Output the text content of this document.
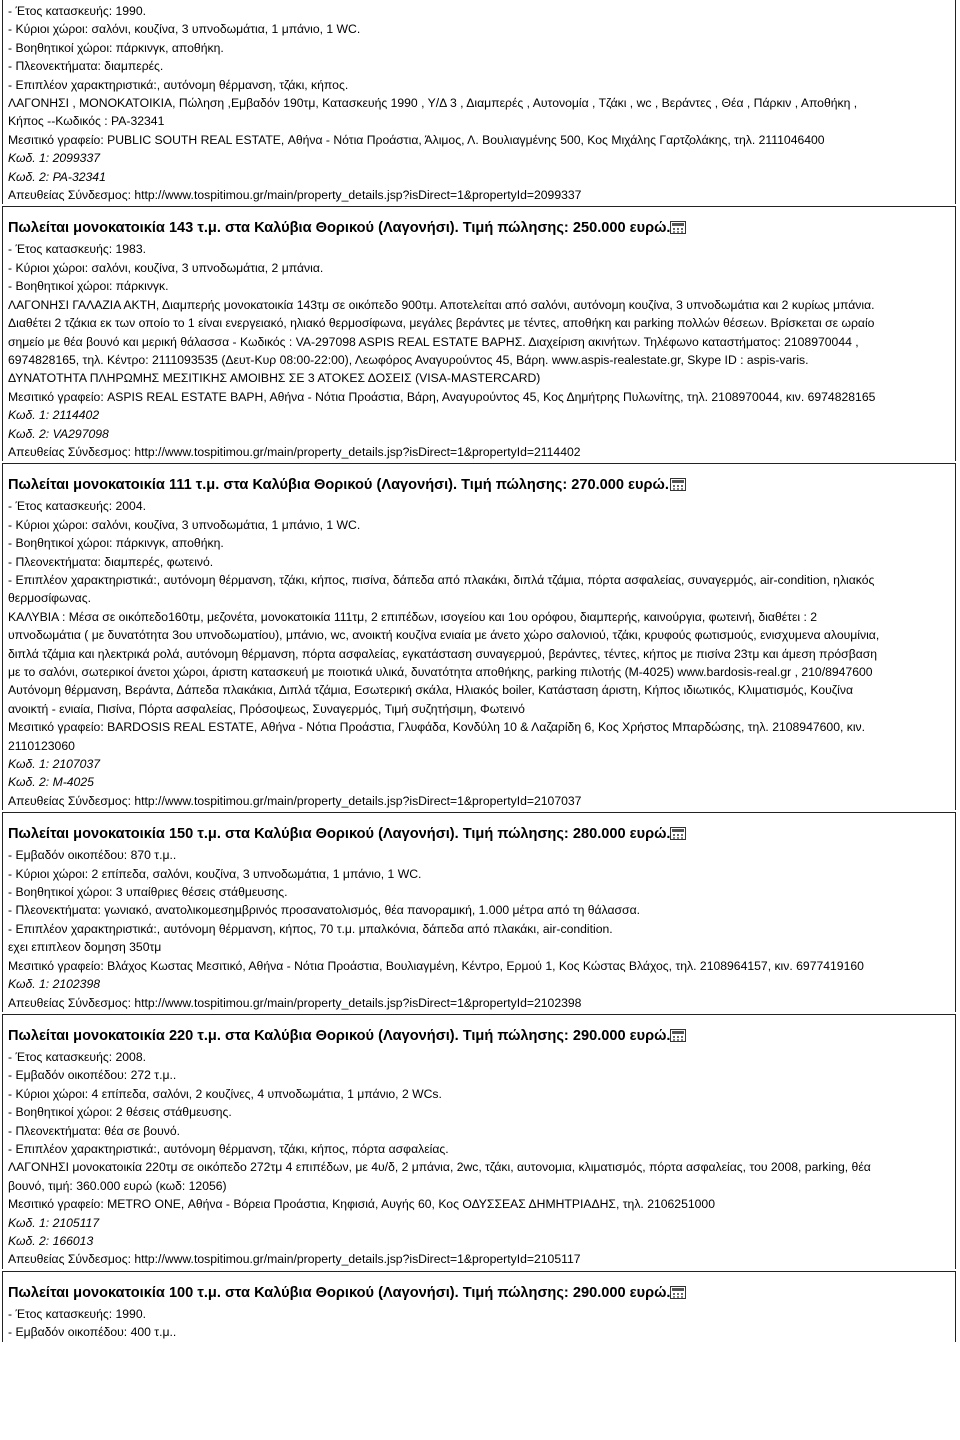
- Έτος κατασκευής: 1990.
- Κύριοι χώροι: σαλόνι, κουζίνα, 3 υπνοδωμάτια, 1 μπάνιο, 1 WC.
- Βοηθητικοί χώροι: πάρκινγκ, αποθήκη.
- Πλεονεκτήματα: διαμπερές.
- Επιπλέον χαρακτηριστικά:, αυτόνομη θέρμανση, τζάκι, κήπος.
ΛΑΓΟΝΗΣΙ , ΜΟΝΟΚΑΤΟΙΚΙΑ, Πώληση ,Εμβαδόν 190τμ, Κατασκευής 1990 , Υ/Δ 3 , Διαμπερές , Αυτονομία , Τζάκι , wc , Βεράντες , Θέα , Πάρκιν , Αποθήκη ,
Κήπος --Κωδικός : PA-32341
Μεσιτικό γραφείο: PUBLIC SOUTH REAL ESTATE, Αθήνα - Νότια Προάστια, Άλιμος, Λ. Βουλιαγμένης 500, Κος Μιχάλης Γαρτζολάκης, τηλ. 2111046400
Κωδ. 1: 2099337
Κωδ. 2: PA-32341
Απευθείας Σύνδεσμος: http://www.tospitimou.gr/main/property_details.jsp?isDirect=1&propertyId=2099337
Πωλείται μονοκατοικία 143 τ.μ. στα Καλύβια Θορικού (Λαγονήσι). Τιμή πώλησης: 250.000 ευρώ.
- Έτος κατασκευής: 1983.
- Κύριοι χώροι: σαλόνι, κουζίνα, 3 υπνοδωμάτια, 2 μπάνια.
- Βοηθητικοί χώροι: πάρκινγκ.
ΛΑΓΟΝΗΣΙ ΓΑΛΑΖΙΑ ΑΚΤΗ, Διαμπερής μονοκατοικία 143τμ σε οικόπεδο 900τμ. Αποτελείται από σαλόνι, αυτόνομη κουζίνα, 3 υπνοδωμάτια και 2 κυρίως μπάνια.
Διαθέτει 2 τζάκια εκ των οποίο το 1 είναι ενεργειακό, ηλιακό θερμοσίφωνα, μεγάλες βεράντες με τέντες, αποθήκη και parking πολλών θέσεων. Βρίσκεται σε ωραίο
σημείο με θέα βουνό και μερική θάλασσα - Κωδικός : VA-297098 ASPIS REAL ESTATE ΒΑΡΗΣ. Διαχείριση ακινήτων. Τηλέφωνο καταστήματος: 2108970044 ,
6974828165, τηλ. Κέντρο: 2111093535 (Δευτ-Κυρ 08:00-22:00), Λεωφόρος Αναγυρούντος 45, Βάρη. www.aspis-realestate.gr, Skype ID : aspis-varis.
ΔΥΝΑΤΟΤΗΤΑ ΠΛΗΡΩΜΗΣ ΜΕΣΙΤΙΚΗΣ ΑΜΟΙΒΗΣ ΣΕ 3 ΑΤΟΚΕΣ ΔΟΣΕΙΣ (VISA-MASTERCARD)
Μεσιτικό γραφείο: ASPIS REAL ESTATE ΒΑΡΗ, Αθήνα - Νότια Προάστια, Βάρη, Αναγυρούντος 45, Κος Δημήτρης Πυλωνίτης, τηλ. 2108970044, κιν. 6974828165
Κωδ. 1: 2114402
Κωδ. 2: VA297098
Απευθείας Σύνδεσμος: http://www.tospitimou.gr/main/property_details.jsp?isDirect=1&propertyId=2114402
Πωλείται μονοκατοικία 111 τ.μ. στα Καλύβια Θορικού (Λαγονήσι). Τιμή πώλησης: 270.000 ευρώ.
- Έτος κατασκευής: 2004.
- Κύριοι χώροι: σαλόνι, κουζίνα, 3 υπνοδωμάτια, 1 μπάνιο, 1 WC.
- Βοηθητικοί χώροι: πάρκινγκ, αποθήκη.
- Πλεονεκτήματα: διαμπερές, φωτεινό.
- Επιπλέον χαρακτηριστικά:, αυτόνομη θέρμανση, τζάκι, κήπος, πισίνα, δάπεδα από πλακάκι, διπλά τζάμια, πόρτα ασφαλείας, συναγερμός, air-condition, ηλιακός
θερμοσίφωνας.
ΚΑΛΥΒΙΑ : Μέσα σε οικόπεδο160τμ, μεζονέτα, μονοκατοικία 111τμ, 2 επιπέδων, ισογείου και 1ου ορόφου, διαμπερής, καινούργια, φωτεινή, διαθέτει : 2
υπνοδωμάτια ( με δυνατότητα 3ου υπνοδωματίου), μπάνιο, wc, ανοικτή κουζίνα ενιαία με άνετο χώρο σαλονιού, τζάκι, κρυφούς φωτισμούς, ενισχυμενα αλουμίνια,
διπλά τζάμια και ηλεκτρικά ρολά, αυτόνομη θέρμανση, πόρτα ασφαλείας, εγκατάσταση συναγερμού, βεράντες, τέντες, κήπος με πισίνα 23τμ και άμεση πρόσβαση
με το σαλόνι, σωτερικοί άνετοι χώροι, άριστη κατασκευή με ποιοτικά υλικά, δυνατότητα αποθήκης, parking πιλοτής (M-4025) www.bardosis-real.gr , 210/8947600
Αυτόνομη θέρμανση, Βεράντα, Δάπεδα πλακάκια, Διπλά τζάμια, Εσωτερική σκάλα, Ηλιακός boiler, Κατάσταση άριστη, Κήπος ιδιωτικός, Κλιματισμός, Κουζίνα
ανοικτή - ενιαία, Πισίνα, Πόρτα ασφαλείας, Πρόσοψεως, Συναγερμός, Τιμή συζητήσιμη, Φωτεινό
Μεσιτικό γραφείο: BARDOSIS REAL ESTATE, Αθήνα - Νότια Προάστια, Γλυφάδα, Κονδύλη 10 & Λαζαρίδη 6, Κος Χρήστος Μπαρδώσης, τηλ. 2108947600, κιν.
2110123060
Κωδ. 1: 2107037
Κωδ. 2: M-4025
Απευθείας Σύνδεσμος: http://www.tospitimou.gr/main/property_details.jsp?isDirect=1&propertyId=2107037
Πωλείται μονοκατοικία 150 τ.μ. στα Καλύβια Θορικού (Λαγονήσι). Τιμή πώλησης: 280.000 ευρώ.
- Εμβαδόν οικοπέδου: 870 τ.μ..
- Κύριοι χώροι: 2 επίπεδα, σαλόνι, κουζίνα, 3 υπνοδωμάτια, 1 μπάνιο, 1 WC.
- Βοηθητικοί χώροι: 3 υπαίθριες θέσεις στάθμευσης.
- Πλεονεκτήματα: γωνιακό, ανατολικοµεσηµβρινός προσανατολισμός, θέα πανοραμική, 1.000 μέτρα από τη θάλασσα.
- Επιπλέον χαρακτηριστικά:, αυτόνομη θέρμανση, κήπος, 70 τ.μ. μπαλκόνια, δάπεδα από πλακάκι, air-condition.
εχει επιπλεον δομηση 350τμ
Μεσιτικό γραφείο: Βλάχος Κωστας Μεσιτικό, Αθήνα - Νότια Προάστια, Βουλιαγμένη, Κέντρο, Ερμού 1, Κος Κώστας Βλάχος, τηλ. 2108964157, κιν. 6977419160
Κωδ. 1: 2102398
Απευθείας Σύνδεσμος: http://www.tospitimou.gr/main/property_details.jsp?isDirect=1&propertyId=2102398
Πωλείται μονοκατοικία 220 τ.μ. στα Καλύβια Θορικού (Λαγονήσι). Τιμή πώλησης: 290.000 ευρώ.
- Έτος κατασκευής: 2008.
- Εμβαδόν οικοπέδου: 272 τ.μ..
- Κύριοι χώροι: 4 επίπεδα, σαλόνι, 2 κουζίνες, 4 υπνοδωμάτια, 1 μπάνιο, 2 WCs.
- Βοηθητικοί χώροι: 2 θέσεις στάθμευσης.
- Πλεονεκτήματα: θέα σε βουνό.
- Επιπλέον χαρακτηριστικά:, αυτόνομη θέρμανση, τζάκι, κήπος, πόρτα ασφαλείας.
ΛΑΓΟΝΗΣΙ μονοκατοικία 220τμ σε οικόπεδο 272τμ 4 επιπέδων, με 4υ/δ, 2 μπάνια, 2wc, τζάκι, αυτονομια, κλιματισμός, πόρτα ασφαλείας, του 2008, parking, θέα
βουνό, τιμή: 360.000 ευρώ (κωδ: 12056)
Μεσιτικό γραφείο: METRO ONE, Αθήνα - Βόρεια Προάστια, Κηφισιά, Αυγής 60, Κος ΟΔΥΣΣΕΑΣ ΔΗΜΗΤΡΙΑΔΗΣ, τηλ. 2106251000
Κωδ. 1: 2105117
Κωδ. 2: 166013
Απευθείας Σύνδεσμος: http://www.tospitimou.gr/main/property_details.jsp?isDirect=1&propertyId=2105117
Πωλείται μονοκατοικία 100 τ.μ. στα Καλύβια Θορικού (Λαγονήσι). Τιμή πώλησης: 290.000 ευρώ.
- Έτος κατασκευής: 1990.
- Εμβαδόν οικοπέδου: 400 τ.μ..
